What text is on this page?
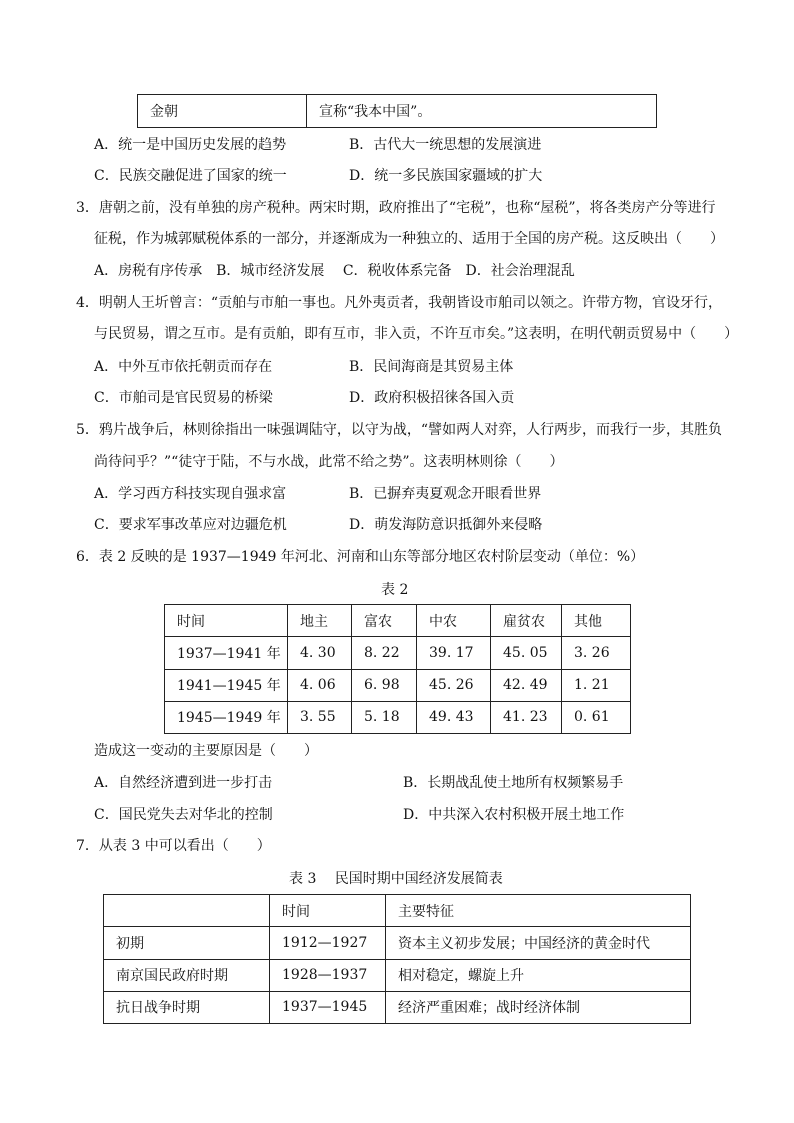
金朝	宣称“我本中国”。
A．统一是中国历史发展的趋势	B．古代大一统思想的发展演进
C．民族交融促进了国家的统一	D．统一多民族国家疆域的扩大
3．唐朝之前，没有单独的房产税种。两宋时期，政府推出了“宅税”，也称“屋税”，将各类房产分等进行
征税，作为城郭赋税体系的一部分，并逐渐成为一种独立的、适用于全国的房产税。这反映出（　　）
A．房税有序传承　B．城市经济发展　 C．税收体系完备　D．社会治理混乱
4．明朝人王圻曾言：“贡舶与市舶一事也。凡外夷贡者，我朝皆设市舶司以领之。许带方物，官设牙行，
与民贸易，谓之互市。是有贡舶，即有互市，非入贡，不许互市矣。”这表明，在明代朝贡贸易中（　　）
A．中外互市依托朝贡而存在	B．民间海商是其贸易主体
C．市舶司是官民贸易的桥梁	D．政府积极招徕各国入贡
5．鸦片战争后，林则徐指出一味强调陆守，以守为战，“譬如两人对弈，人行两步，而我行一步，其胜负
尚待问乎？”“徒守于陆，不与水战，此常不给之势”。这表明林则徐（　　）
A．学习西方科技实现自强求富	B．已摒弃夷夏观念开眼看世界
C．要求军事改革应对边疆危机	D．萌发海防意识抵御外来侵略
6．表 2 反映的是 1937—1949 年河北、河南和山东等部分地区农村阶层变动（单位：%）
表 2
时间	地主	富农	中农	雇贫农	其他
1937—1941 年	4. 30	8. 22	39. 17	45. 05	3. 26
1941—1945 年	4. 06	6. 98	45. 26	42. 49	1. 21
1945—1949 年	3. 55	5. 18	49. 43	41. 23	0. 61
造成这一变动的主要原因是（　　）
A．自然经济遭到进一步打击	B．长期战乱使土地所有权频繁易手
C．国民党失去对华北的控制	D．中共深入农村积极开展土地工作
7．从表 3 中可以看出（　　）
表 3　 民国时期中国经济发展简表
	时间	主要特征
初期	1912—1927	资本主义初步发展；中国经济的黄金时代
南京国民政府时期	1928—1937	相对稳定，螺旋上升
抗日战争时期	1937—1945	经济严重困难；战时经济体制
